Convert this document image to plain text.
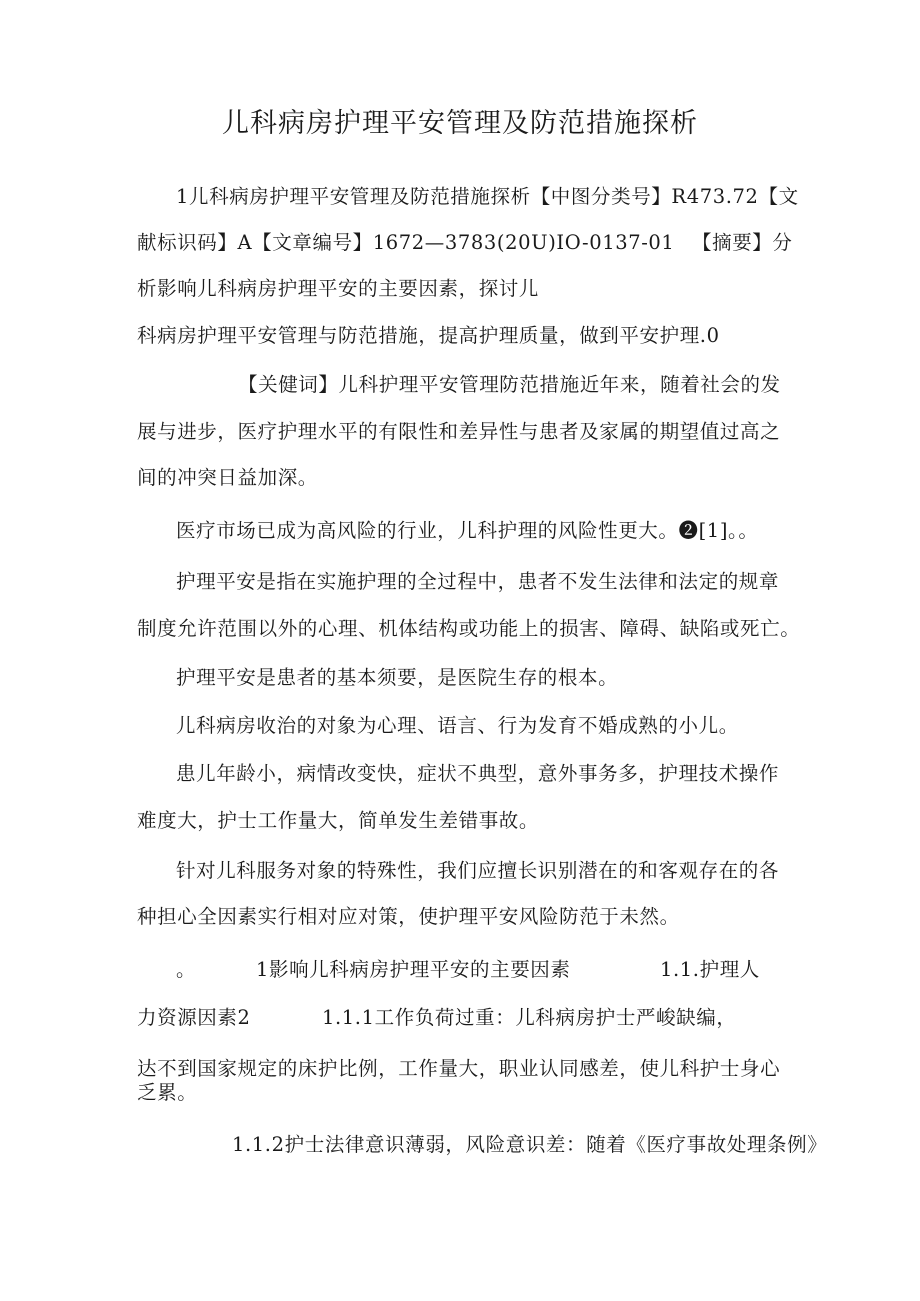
儿科病房护理平安管理及防范措施探析
1儿科病房护理平安管理及防范措施探析【中图分类号】R473.72【文
献标识码】A【文章编号】1672—3783(20U)IO-0137-01 【摘要】分
析影响儿科病房护理平安的主要因素，探讨儿
科病房护理平安管理与防范措施，提高护理质量，做到平安护理.0
【关健词】儿科护理平安管理防范措施近年来，随着社会的发
展与进步，医疗护理水平的有限性和差异性与患者及家属的期望值过高之
间的冲突日益加深。
医疗市场已成为高风险的行业，儿科护理的风险性更大。❷[1]。。
护理平安是指在实施护理的全过程中，患者不发生法律和法定的规章
制度允许范围以外的心理、机体结构或功能上的损害、障碍、缺陷或死亡。
护理平安是患者的基本须要，是医院生存的根本。
儿科病房收治的对象为心理、语言、行为发育不婚成熟的小儿。
患儿年龄小，病情改变快，症状不典型，意外事务多，护理技术操作
难度大，护士工作量大，简单发生差错事故。
针对儿科服务对象的特殊性，我们应擅长识别潜在的和客观存在的各
种担心全因素实行相对应对策，使护理平安风险防范于未然。
。	1影响儿科病房护理平安的主要因素	1.1.护理人
力资源因素2	1.1.1工作负荷过重：儿科病房护士严峻缺编，
达不到国家规定的床护比例，工作量大，职业认同感差，使儿科护士身心
乏累。
1.1.2护士法律意识薄弱，风险意识差：随着《医疗事故处理条例》
